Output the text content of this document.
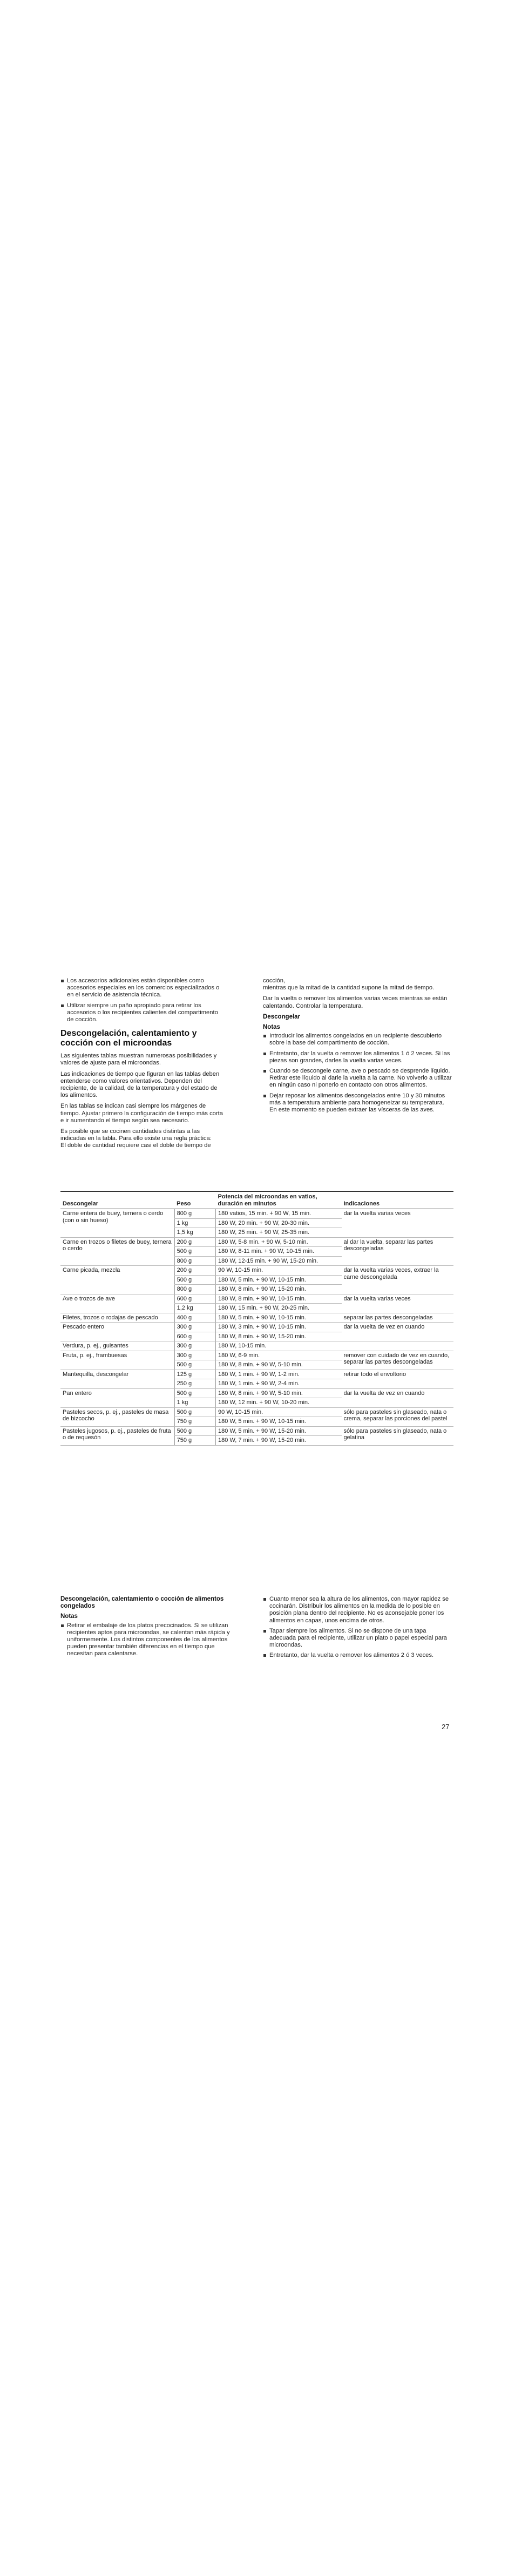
Los accesorios adicionales están disponibles como accesorios especiales en los comercios especializados o en el servicio de asistencia técnica.
Utilizar siempre un paño apropiado para retirar los accesorios o los recipientes calientes del compartimento de cocción.
Descongelación, calentamiento y cocción con el microondas

Las siguientes tablas muestran numerosas posibilidades y valores de ajuste para el microondas.

Las indicaciones de tiempo que figuran en las tablas deben entenderse como valores orientativos. Dependen del recipiente, de la calidad, de la temperatura y del estado de los alimentos.

En las tablas se indican casi siempre los márgenes de tiempo. Ajustar primero la configuración de tiempo más corta e ir aumentando el tiempo según sea necesario.

Es posible que se cocinen cantidades distintas a las indicadas en la tabla. Para ello existe una regla práctica:

El doble de cantidad requiere casi el doble de tiempo de

cocción,

mientras que la mitad de la cantidad supone la mitad de tiempo.

Dar la vuelta o remover los alimentos varias veces mientras se están calentando. Controlar la temperatura.

Descongelar
Notas
Introducir los alimentos congelados en un recipiente descubierto sobre la base del compartimento de cocción.
Entretanto, dar la vuelta o remover los alimentos 1 ó 2 veces. Si las piezas son grandes, darles la vuelta varias veces.
Cuando se descongele carne, ave o pescado se desprende líquido. Retirar este líquido al darle la vuelta a la carne. No volverlo a utilizar en ningún caso ni ponerlo en contacto con otros alimentos.
Dejar reposar los alimentos descongelados entre 10 y 30 minutos más a temperatura ambiente para homogeneizar su temperatura. En este momento se pueden extraer las vísceras de las aves.
Descongelar	Peso	Potencia del microondas en vatios, duración en minutos	Indicaciones
Carne entera de buey, ternera o cerdo (con o sin hueso)	800 g	180 vatios, 15 min. + 90 W, 15 min.	dar la vuelta varias veces
	1 kg	180 W, 20 min. + 90 W, 20-30 min.	
	1,5 kg	180 W, 25 min. + 90 W, 25-35 min.	
Carne en trozos o filetes de buey, ternera o cerdo	200 g	180 W, 5-8 min. + 90 W, 5-10 min.	al dar la vuelta, separar las partes descongeladas
	500 g	180 W, 8-11 min. + 90 W, 10-15 min.	
	800 g	180 W, 12-15 min. + 90 W, 15-20 min.	
Carne picada, mezcla	200 g	90 W, 10-15 min.	dar la vuelta varias veces, extraer la carne descongelada
	500 g	180 W, 5 min. + 90 W, 10-15 min.	
	800 g	180 W, 8 min. + 90 W, 15-20 min.	
Ave o trozos de ave	600 g	180 W, 8 min. + 90 W, 10-15 min.	dar la vuelta varias veces
	1,2 kg	180 W, 15 min. + 90 W, 20-25 min.	
Filetes, trozos o rodajas de pescado	400 g	180 W, 5 min. + 90 W, 10-15 min.	separar las partes descongeladas
Pescado entero	300 g	180 W, 3 min. + 90 W, 10-15 min.	dar la vuelta de vez en cuando
	600 g	180 W, 8 min. + 90 W, 15-20 min.	
Verdura, p. ej., guisantes	300 g	180 W, 10-15 min.	
Fruta, p. ej., frambuesas	300 g	180 W, 6-9 min.	remover con cuidado de vez en cuando, separar las partes descongeladas
	500 g	180 W, 8 min. + 90 W, 5-10 min.	
Mantequilla, descongelar	125 g	180 W, 1 min. + 90 W, 1-2 min.	retirar todo el envoltorio
	250 g	180 W, 1 min. + 90 W, 2-4 min.	
Pan entero	500 g	180 W, 8 min. + 90 W, 5-10 min.	dar la vuelta de vez en cuando
	1 kg	180 W, 12 min. + 90 W, 10-20 min.	
Pasteles secos, p. ej., pasteles de masa de bizcocho	500 g	90 W, 10-15 min.	sólo para pasteles sin glaseado, nata o crema, separar las porciones del pastel
	750 g	180 W, 5 min. + 90 W, 10-15 min.	
Pasteles jugosos, p. ej., pasteles de fruta o de requesón	500 g	180 W, 5 min. + 90 W, 15-20 min.	sólo para pasteles sin glaseado, nata o gelatina
	750 g	180 W, 7 min. + 90 W, 15-20 min.	
Descongelación, calentamiento o cocción de alimentos congelados
Notas
Retirar el embalaje de los platos precocinados. Si se utilizan recipientes aptos para microondas, se calentan más rápida y uniformemente. Los distintos componentes de los alimentos pueden presentar también diferencias en el tiempo que necesitan para calentarse.
Cuanto menor sea la altura de los alimentos, con mayor rapidez se cocinarán. Distribuir los alimentos en la medida de lo posible en posición plana dentro del recipiente. No es aconsejable poner los alimentos en capas, unos encima de otros.
Tapar siempre los alimentos. Si no se dispone de una tapa adecuada para el recipiente, utilizar un plato o papel especial para microondas.
Entretanto, dar la vuelta o remover los alimentos 2 ó 3 veces.
27
